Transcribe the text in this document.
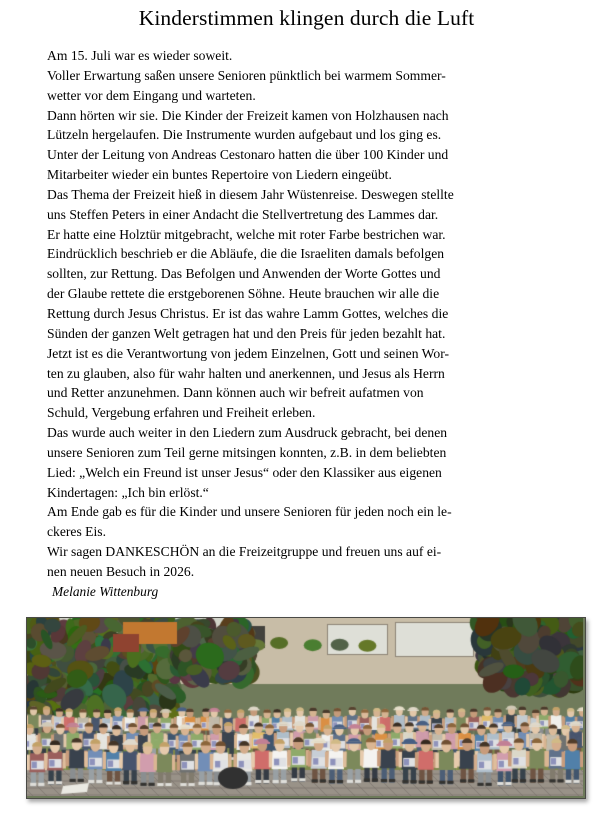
Kinderstimmen klingen durch die Luft

Am 15. Juli war es wieder soweit.

Voller Erwartung saßen unsere Senioren pünktlich bei warmem Sommer-

wetter vor dem Eingang und warteten.

Dann hörten wir sie. Die Kinder der Freizeit kamen von Holzhausen nach

Lützeln hergelaufen. Die Instrumente wurden aufgebaut und los ging es.

Unter der Leitung von Andreas Cestonaro hatten die über 100 Kinder und

Mitarbeiter wieder ein buntes Repertoire von Liedern eingeübt.

Das Thema der Freizeit hieß in diesem Jahr Wüstenreise. Deswegen stellte

uns Steffen Peters in einer Andacht die Stellvertretung des Lammes dar.

Er hatte eine Holztür mitgebracht, welche mit roter Farbe bestrichen war.

Eindrücklich beschrieb er die Abläufe, die die Israeliten damals befolgen

sollten, zur Rettung. Das Befolgen und Anwenden der Worte Gottes und

der Glaube rettete die erstgeborenen Söhne. Heute brauchen wir alle die

Rettung durch Jesus Christus. Er ist das wahre Lamm Gottes, welches die

Sünden der ganzen Welt getragen hat und den Preis für jeden bezahlt hat.

Jetzt ist es die Verantwortung von jedem Einzelnen, Gott und seinen Wor-

ten zu glauben, also für wahr halten und anerkennen, und Jesus als Herrn

und Retter anzunehmen. Dann können auch wir befreit aufatmen von

Schuld, Vergebung erfahren und Freiheit erleben.

Das wurde auch weiter in den Liedern zum Ausdruck gebracht, bei denen

unsere Senioren zum Teil gerne mitsingen konnten, z.B. in dem beliebten

Lied: „Welch ein Freund ist unser Jesus“ oder den Klassiker aus eigenen

Kindertagen: „Ich bin erlöst.“

Am Ende gab es für die Kinder und unsere Senioren für jeden noch ein le-

ckeres Eis.

Wir sagen DANKESCHÖN an die Freizeitgruppe und freuen uns auf ei-

nen neuen Besuch in 2026.

Melanie Wittenburg
